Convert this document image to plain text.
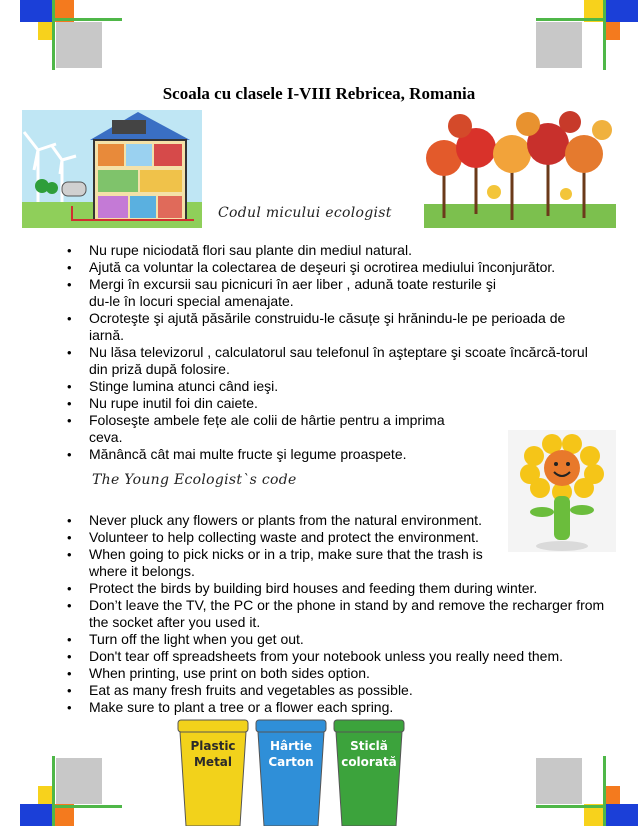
Scoala cu clasele I-VIII Rebricea, Romania
Codul micului ecologist
• Nu rupe niciodată flori sau plante din mediul natural.
• Ajută ca voluntar la colectarea de deşeuri şi ocrotirea mediului înconjurător.
• Mergi în excursii sau picnicuri în aer liber , adună toate resturile şi du-le în locuri special amenajate.
• Ocroteşte şi ajută păsările construidu-le căsuțe şi hrănindu-le pe perioada de iarnă.
• Nu lăsa televizorul , calculatorul sau telefonul în aşteptare şi scoate încărcă-torul din priză după folosire.
• Stinge lumina atunci când ieşi.
• Nu rupe inutil foi din caiete.
• Foloseşte ambele fețe ale colii de hârtie pentru a imprima ceva.
• Mănâncă cât mai multe fructe şi legume proaspete.
The Young Ecologist`s code
• Never pluck any flowers or plants from the natural environment.
• Volunteer to help collecting waste and protect the environment.
• When going to pick nicks or in a trip, make sure that the trash is where it belongs.
• Protect the birds by building bird houses and feeding them during winter.
• Don’t leave the TV, the PC or the phone in stand by and remove the recharger from the socket after you used it.
• Turn off the light when you get out.
• Don't tear off spreadsheets from your notebook unless you really need them.
• When printing, use print on both sides option.
• Eat as many fresh fruits and vegetables as possible.
• Make sure to plant a tree or a flower each spring.
Plastic
Metal
Hârtie
Carton
Sticlă
colorată
